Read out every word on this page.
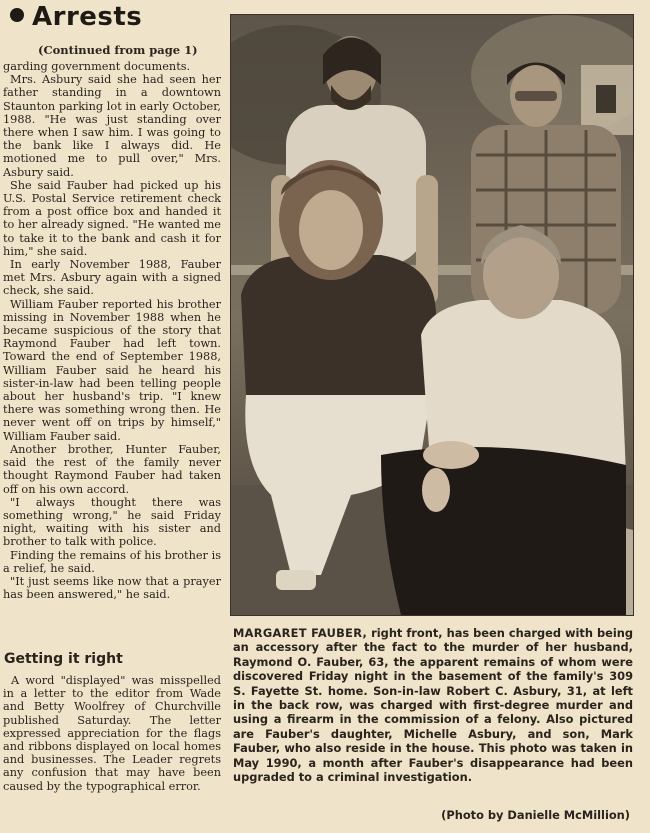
Arrests
(Continued from page 1)

garding government documents.

Mrs. Asbury said she had seen her father standing in a downtown Staunton parking lot in early October, 1988. "He was just standing over there when I saw him. I was going to the bank like I always did. He motioned me to pull over," Mrs. Asbury said.

She said Fauber had picked up his U.S. Postal Service retirement check from a post office box and handed it to her already signed. "He wanted me to take it to the bank and cash it for him," she said.

In early November 1988, Fauber met Mrs. Asbury again with a signed check, she said.

William Fauber reported his brother missing in November 1988 when he became suspicious of the story that Raymond Fauber had left town. Toward the end of September 1988, William Fauber said he heard his sister-in-law had been telling people about her husband's trip. "I knew there was something wrong then. He never went off on trips by himself," William Fauber said.

Another brother, Hunter Fauber, said the rest of the family never thought Raymond Fauber had taken off on his own accord.

"I always thought there was something wrong," he said Friday night, waiting with his sister and brother to talk with police.

Finding the remains of his brother is a relief, he said.

"It just seems like now that a prayer has been answered," he said.

Getting it right

A word "displayed" was misspelled in a letter to the editor from Wade and Betty Woolfrey of Churchville published Saturday. The letter expressed appreciation for the flags and ribbons displayed on local homes and businesses. The Leader regrets any confusion that may have been caused by the typographical error.

MARGARET FAUBER, right front, has been charged with being an accessory after the fact to the murder of her husband, Raymond O. Fauber, 63, the apparent remains of whom were discovered Friday night in the basement of the family's 309 S. Fayette St. home. Son-in-law Robert C. Asbury, 31, at left in the back row, was charged with first-degree murder and using a firearm in the commission of a felony. Also pictured are Fauber's daughter, Michelle Asbury, and son, Mark Fauber, who also reside in the house. This photo was taken in May 1990, a month after Fauber's disappearance had been upgraded to a criminal investigation.
(Photo by Danielle McMillion)
